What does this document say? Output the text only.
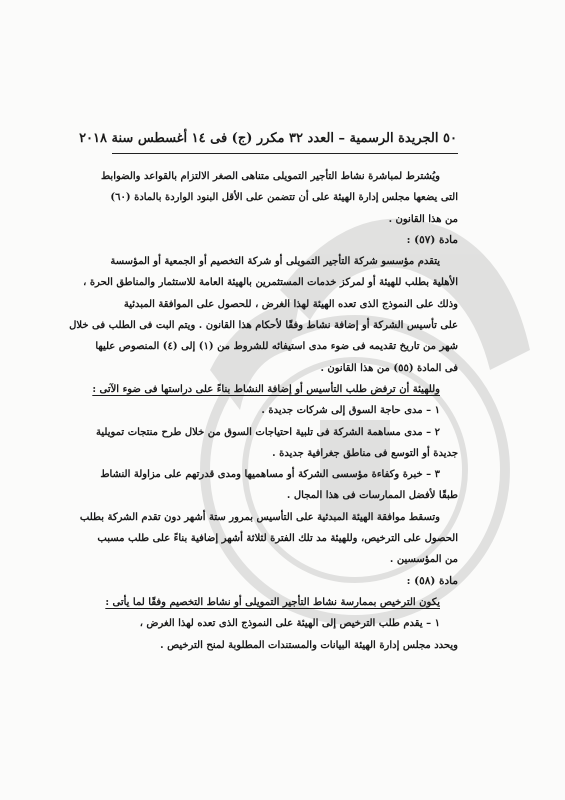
٥٠ الجريدة الرسمية – العدد ٣٢ مكرر (ج) فى ١٤ أغسطس سنة ٢٠١٨
ويُشترط لمباشرة نشاط التأجير التمويلى متناهى الصغر الالتزام بالقواعد والضوابط
التى يضعها مجلس إدارة الهيئة على أن تتضمن على الأقل البنود الواردة بالمادة (٦٠)
من هذا القانون .
مادة (٥٧) :
يتقدم مؤسسو شركة التأجير التمويلى أو شركة التخصيم أو الجمعية أو المؤسسة
الأهلية بطلب للهيئة أو لمركز خدمات المستثمرين بالهيئة العامة للاستثمار والمناطق الحرة ،
وذلك على النموذج الذى تعده الهيئة لهذا الغرض ، للحصول على الموافقة المبدئية
على تأسيس الشركة أو إضافة نشاط وفقًا لأحكام هذا القانون . ويتم البت فى الطلب فى خلال
شهر من تاريخ تقديمه فى ضوء مدى استيفائه للشروط من (١) إلى (٤) المنصوص عليها
فى المادة (٥٥) من هذا القانون .
وللهيئة أن ترفض طلب التأسيس أو إضافة النشاط بناءً على دراستها فى ضوء الآتى :
١ – مدى حاجة السوق إلى شركات جديدة .
٢ – مدى مساهمة الشركة فى تلبية احتياجات السوق من خلال طرح منتجات تمويلية
جديدة أو التوسع فى مناطق جغرافية جديدة .
٣ – خبرة وكفاءة مؤسسى الشركة أو مساهميها ومدى قدرتهم على مزاولة النشاط
طبقًا لأفضل الممارسات فى هذا المجال .
وتسقط موافقة الهيئة المبدئية على التأسيس بمرور ستة أشهر دون تقدم الشركة بطلب
الحصول على الترخيص، وللهيئة مد تلك الفترة لثلاثة أشهر إضافية بناءً على طلب مسبب
من المؤسسين .
مادة (٥٨) :
يكون الترخيص بممارسة نشاط التأجير التمويلى أو نشاط التخصيم وفقًا لما يأتى :
١ – يقدم طلب الترخيص إلى الهيئة على النموذج الذى تعده لهذا الغرض ،
ويحدد مجلس إدارة الهيئة البيانات والمستندات المطلوبة لمنح الترخيص .
